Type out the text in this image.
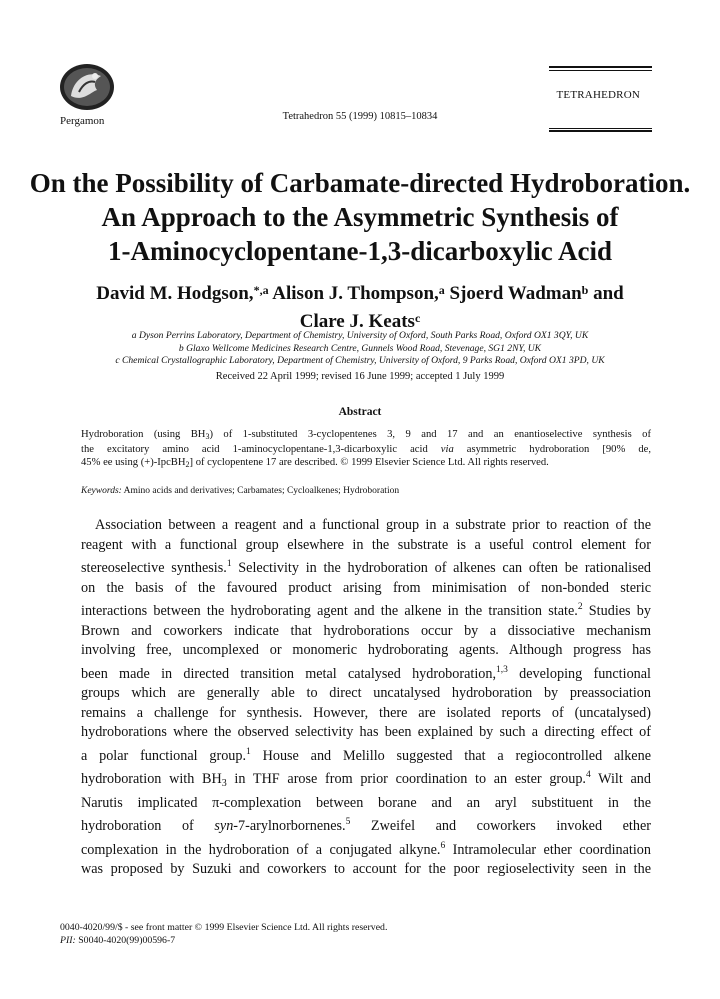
Pergamon	Tetrahedron 55 (1999) 10815–10834
TETRAHEDRON
On the Possibility of Carbamate-directed Hydroboration.
An Approach to the Asymmetric Synthesis of
1-Aminocyclopentane-1,3-dicarboxylic Acid
David M. Hodgson,$^{*,a}$ Alison J. Thompson,$^a$ Sjoerd Wadman$^b$ and
Clare J. Keats$^c$
a Dyson Perrins Laboratory, Department of Chemistry, University of Oxford, South Parks Road, Oxford OX1 3QY, UK
b Glaxo Wellcome Medicines Research Centre, Gunnels Wood Road, Stevenage, SG1 2NY, UK
c Chemical Crystallographic Laboratory, Department of Chemistry, University of Oxford, 9 Parks Road, Oxford OX1 3PD, UK
Received 22 April 1999; revised 16 June 1999; accepted 1 July 1999
Abstract
Hydroboration (using $BH_3$) of 1-substituted 3-cyclopentenes 3, 9 and 17 and an enantioselective synthesis of
the excitatory amino acid 1-aminocyclopentane-1,3-dicarboxylic acid via asymmetric hydroboration [90% de,
45% ee using (+)-IpcBH$_2$] of cyclopentene 17 are described. © 1999 Elsevier Science Ltd. All rights reserved.
Keywords: Amino acids and derivatives; Carbamates; Cycloalkenes; Hydroboration
Association between a reagent and a functional group in a substrate prior to reaction of the
reagent with a functional group elsewhere in the substrate is a useful control element for
stereoselective synthesis.$^1$ Selectivity in the hydroboration of alkenes can often be rationalised
on the basis of the favoured product arising from minimisation of non-bonded steric
interactions between the hydroborating agent and the alkene in the transition state.$^2$ Studies by
Brown and coworkers indicate that hydroborations occur by a dissociative mechanism
involving free, uncomplexed or monomeric hydroborating agents. Although progress has
been made in directed transition metal catalysed hydroboration,$^{1,3}$ developing functional
groups which are generally able to direct uncatalysed hydroboration by preassociation
remains a challenge for synthesis. However, there are isolated reports of (uncatalysed)
hydroborations where the observed selectivity has been explained by such a directing effect of
a polar functional group.$^1$ House and Melillo suggested that a regiocontrolled alkene
hydroboration with $BH_3$ in THF arose from prior coordination to an ester group.$^4$ Wilt and
Narutis implicated π-complexation between borane and an aryl substituent in the
hydroboration of syn-7-arylnorbornenes.$^5$ Zweifel and coworkers invoked ether
complexation in the hydroboration of a conjugated alkyne.$^6$ Intramolecular ether coordination
was proposed by Suzuki and coworkers to account for the poor regioselectivity seen in the
0040-4020/99/$ - see front matter © 1999 Elsevier Science Ltd. All rights reserved.
PII: S0040-4020(99)00596-7
